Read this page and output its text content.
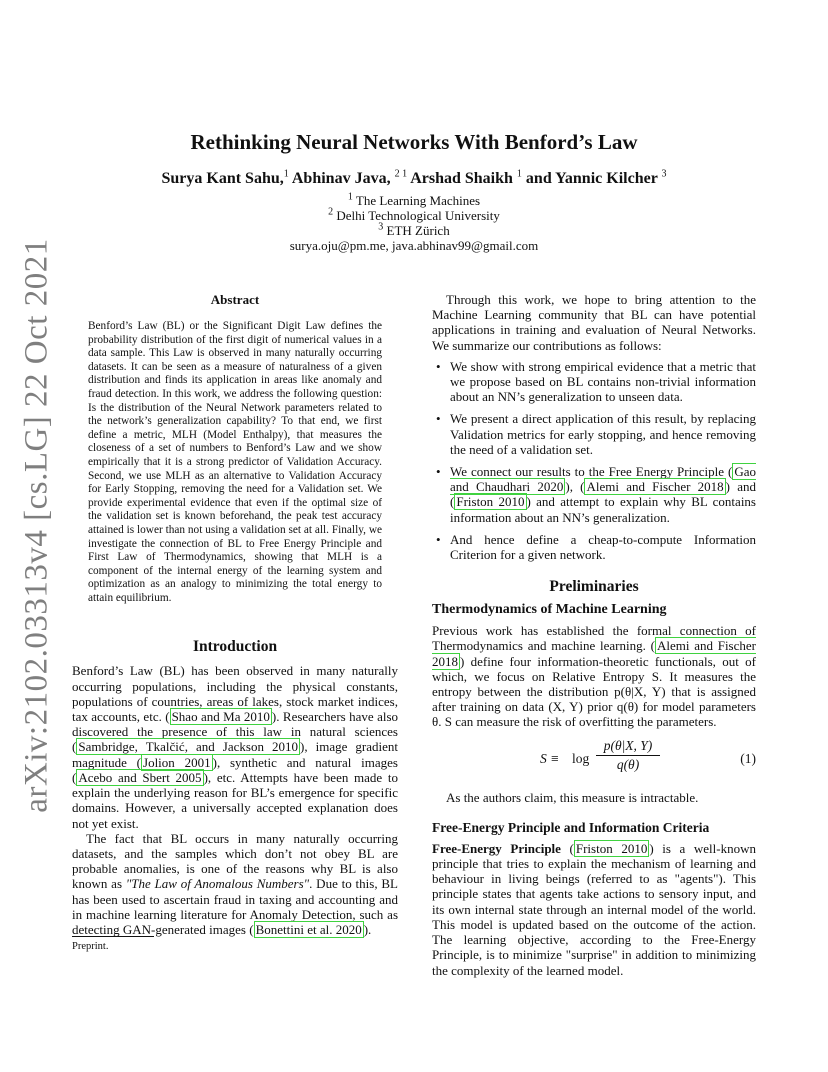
arXiv:2102.03313v4 [cs.LG] 22 Oct 2021
Rethinking Neural Networks With Benford’s Law
Surya Kant Sahu,$^1$ Abhinav Java, $^{2 1}$ Arshad Shaikh $^1$ and Yannic Kilcher $^3$
$^1$ The Learning Machines
$^2$ Delhi Technological University
$^3$ ETH Zürich
surya.oju@pm.me, java.abhinav99@gmail.com
Abstract

Benford’s Law (BL) or the Significant Digit Law defines the probability distribution of the first digit of numerical values in a data sample. This Law is observed in many naturally occurring datasets. It can be seen as a measure of naturalness of a given distribution and finds its application in areas like anomaly and fraud detection. In this work, we address the following question: Is the distribution of the Neural Network parameters related to the network’s generalization capability? To that end, we first define a metric, MLH (Model Enthalpy), that measures the closeness of a set of numbers to Benford’s Law and we show empirically that it is a strong predictor of Validation Accuracy. Second, we use MLH as an alternative to Validation Accuracy for Early Stopping, removing the need for a Validation set. We provide experimental evidence that even if the optimal size of the validation set is known beforehand, the peak test accuracy attained is lower than not using a validation set at all. Finally, we investigate the connection of BL to Free Energy Principle and First Law of Thermodynamics, showing that MLH is a component of the internal energy of the learning system and optimization as an analogy to minimizing the total energy to attain equilibrium.

Introduction

Benford’s Law (BL) has been observed in many naturally occurring populations, including the physical constants, populations of countries, areas of lakes, stock market indices, tax accounts, etc. ( Shao and Ma 2010 ). Researchers have also discovered the presence of this law in natural sciences ( Sambridge, Tkalčić, and Jackson 2010 ), image gradient magnitude ( Jolion 2001 ), synthetic and natural images ( Acebo and Sbert 2005 ), etc. Attempts have been made to explain the underlying reason for BL’s emergence for specific domains. However, a universally accepted explanation does not yet exist.

The fact that BL occurs in many naturally occurring datasets, and the samples which don’t not obey BL are probable anomalies, is one of the reasons why BL is also known as "The Law of Anomalous Numbers". Due to this, BL has been used to ascertain fraud in taxing and accounting and in machine learning literature for Anomaly Detection, such as detecting GAN-generated images ( Bonettini et al. 2020 ).

Preprint.

Through this work, we hope to bring attention to the Machine Learning community that BL can have potential applications in training and evaluation of Neural Networks. We summarize our contributions as follows:

• We show with strong empirical evidence that a metric that we propose based on BL contains non-trivial information about an NN’s generalization to unseen data.
• We present a direct application of this result, by replacing Validation metrics for early stopping, and hence removing the need of a validation set.
• We connect our results to the Free Energy Principle ( Gao and Chaudhari 2020 ), ( Alemi and Fischer 2018 ) and ( Friston 2010 ) and attempt to explain why BL contains information about an NN’s generalization.
• And hence define a cheap-to-compute Information Criterion for a given network.
Preliminaries
Thermodynamics of Machine Learning

Previous work has established the formal connection of Thermodynamics and machine learning. ( Alemi and Fischer 2018 ) define four information-theoretic functionals, out of which, we focus on Relative Entropy S. It measures the entropy between the distribution p(θ|X, Y) that is assigned after training on data (X, Y) prior q(θ) for model parameters θ. S can measure the risk of overfitting the parameters.

S ≡ log
p(θ|X, Y)
q(θ)	(1)

As the authors claim, this measure is intractable.

Free-Energy Principle and Information Criteria

Free-Energy Principle ( Friston 2010 ) is a well-known principle that tries to explain the mechanism of learning and behaviour in living beings (referred to as "agents"). This principle states that agents take actions to sensory input, and its own internal state through an internal model of the world. This model is updated based on the outcome of the action. The learning objective, according to the Free-Energy Principle, is to minimize "surprise" in addition to minimizing the complexity of the learned model.
